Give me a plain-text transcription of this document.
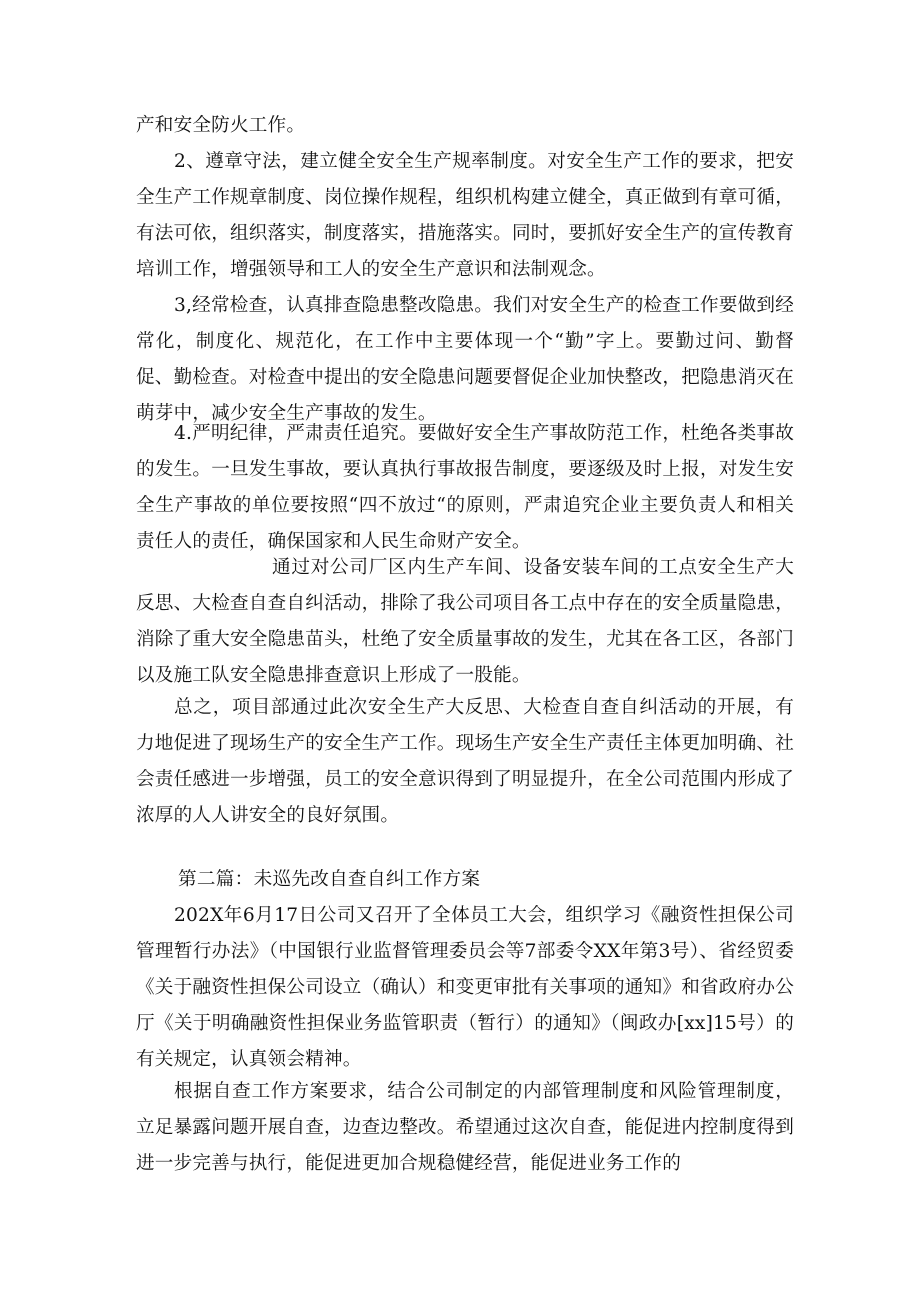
产和安全防火工作。

2、遵章守法，建立健全安全生产规率制度。对安全生产工作的要求，把安全生产工作规章制度、岗位操作规程，组织机构建立健全，真正做到有章可循，有法可依，组织落实，制度落实，措施落实。同时，要抓好安全生产的宣传教育培训工作，增强领导和工人的安全生产意识和法制观念。

3,经常检查，认真排查隐患整改隐患。我们对安全生产的检查工作要做到经常化，制度化、规范化，在工作中主要体现一个“勤”字上。要勤过问、勤督促、勤检查。对检查中提出的安全隐患问题要督促企业加快整改，把隐患消灭在萌芽中，减少安全生产事故的发生。

4.严明纪律，严肃责任追究。要做好安全生产事故防范工作，杜绝各类事故的发生。一旦发生事故，要认真执行事故报告制度，要逐级及时上报，对发生安全生产事故的单位要按照“四不放过“的原则，严肃追究企业主要负责人和相关责任人的责任，确保国家和人民生命财产安全。

通过对公司厂区内生产车间、设备安装车间的工点安全生产大反思、大检查自查自纠活动，排除了我公司项目各工点中存在的安全质量隐患，消除了重大安全隐患苗头，杜绝了安全质量事故的发生，尤其在各工区，各部门以及施工队安全隐患排查意识上形成了一股能。

总之，项目部通过此次安全生产大反思、大检查自查自纠活动的开展，有力地促进了现场生产的安全生产工作。现场生产安全生产责任主体更加明确、社会责任感进一步增强，员工的安全意识得到了明显提升，在全公司范围内形成了浓厚的人人讲安全的良好氛围。

第二篇：未巡先改自查自纠工作方案

202X年6月17日公司又召开了全体员工大会，组织学习《融资性担保公司管理暂行办法》（中国银行业监督管理委员会等7部委令XX年第3号）、省经贸委《关于融资性担保公司设立（确认）和变更审批有关事项的通知》和省政府办公厅《关于明确融资性担保业务监管职责（暂行）的通知》（闽政办[xx]15号）的有关规定，认真领会精神。

根据自查工作方案要求，结合公司制定的内部管理制度和风险管理制度，立足暴露问题开展自查，边查边整改。希望通过这次自查，能促进内控制度得到进一步完善与执行，能促进更加合规稳健经营，能促进业务工作的
